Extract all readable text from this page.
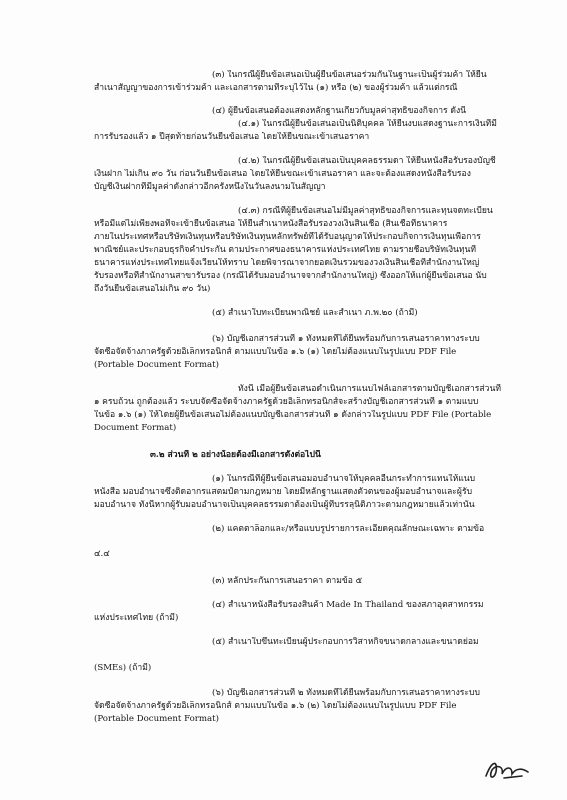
(๓) ในกรณีผู้ยื่นข้อเสนอเป็นผู้ยื่นข้อเสนอร่วมกันในฐานะเป็นผู้ร่วมค้า ให้ยื่น
สำเนาสัญญาของการเข้าร่วมค้า และเอกสารตามที่ระบุไว้ใน (๑) หรือ (๒) ของผู้ร่วมค้า แล้วแต่กรณี
(๔) ผู้ยื่นข้อเสนอต้องแสดงหลักฐานเกี่ยวกับมูลค่าสุทธิของกิจการ ดังนี้
(๔.๑) ในกรณีผู้ยื่นข้อเสนอเป็นนิติบุคคล ให้ยื่นงบแสดงฐานะการเงินที่มี
การรับรองแล้ว ๑ ปีสุดท้ายก่อนวันยื่นข้อเสนอ โดยให้ยื่นขณะเข้าเสนอราคา
(๔.๒) ในกรณีผู้ยื่นข้อเสนอเป็นบุคคลธรรมดา ให้ยื่นหนังสือรับรองบัญชี
เงินฝาก ไม่เกิน ๙๐ วัน ก่อนวันยื่นข้อเสนอ โดยให้ยื่นขณะเข้าเสนอราคา และจะต้องแสดงหนังสือรับรอง
บัญชีเงินฝากที่มีมูลค่าดังกล่าวอีกครั้งหนึ่งในวันลงนามในสัญญา
(๔.๓) กรณีที่ผู้ยื่นข้อเสนอไม่มีมูลค่าสุทธิของกิจการและทุนจดทะเบียน
หรือมีแต่ไม่เพียงพอที่จะเข้ายื่นข้อเสนอ ให้ยื่นสำเนาหนังสือรับรองวงเงินสินเชื่อ (สินเชื่อที่ธนาคาร
ภายในประเทศหรือบริษัทเงินทุนหรือบริษัทเงินทุนหลักทรัพย์ที่ได้รับอนุญาตให้ประกอบกิจการเงินทุนเพื่อการ
พาณิชย์และประกอบธุรกิจค้ำประกัน ตามประกาศของธนาคารแห่งประเทศไทย ตามรายชื่อบริษัทเงินทุนที่
ธนาคารแห่งประเทศไทยแจ้งเวียนให้ทราบ โดยพิจารณาจากยอดเงินรวมของวงเงินสินเชื่อที่สำนักงานใหญ่
รับรองหรือที่สำนักงานสาขารับรอง (กรณีได้รับมอบอำนาจจากสำนักงานใหญ่) ซึ่งออกให้แก่ผู้ยื่นข้อเสนอ นับ
ถึงวันยื่นข้อเสนอไม่เกิน ๙๐ วัน)
(๕) สำเนาใบทะเบียนพาณิชย์ และสำเนา ภ.พ.๒๐ (ถ้ามี)
(๖) บัญชีเอกสารส่วนที่ ๑ ทั้งหมดที่ได้ยื่นพร้อมกับการเสนอราคาทางระบบ
จัดซื้อจัดจ้างภาครัฐด้วยอิเล็กทรอนิกส์ ตามแบบในข้อ ๑.๖ (๑) โดยไม่ต้องแนบในรูปแบบ PDF File
(Portable Document Format)
ทั้งนี้ เมื่อผู้ยื่นข้อเสนอดำเนินการแนบไฟล์เอกสารตามบัญชีเอกสารส่วนที่
๑ ครบถ้วน ถูกต้องแล้ว ระบบจัดซื้อจัดจ้างภาครัฐด้วยอิเล็กทรอนิกส์จะสร้างบัญชีเอกสารส่วนที่ ๑ ตามแบบ
ในข้อ ๑.๖ (๑) ให้โดยผู้ยื่นข้อเสนอไม่ต้องแนบบัญชีเอกสารส่วนที่ ๑ ดังกล่าวในรูปแบบ PDF File (Portable
Document Format)
๓.๒ ส่วนที่ ๒ อย่างน้อยต้องมีเอกสารดังต่อไปนี้
(๑) ในกรณีที่ผู้ยื่นข้อเสนอมอบอำนาจให้บุคคลอื่นกระทำการแทนให้แนบ
หนังสือ มอบอำนาจซึ่งติดอากรแสตมป์ตามกฎหมาย โดยมีหลักฐานแสดงตัวตนของผู้มอบอำนาจและผู้รับ
มอบอำนาจ ทั้งนี้หากผู้รับมอบอำนาจเป็นบุคคลธรรมดาต้องเป็นผู้ที่บรรลุนิติภาวะตามกฎหมายแล้วเท่านั้น
(๒) แคตตาล็อกและ/หรือแบบรูปรายการละเอียดคุณลักษณะเฉพาะ ตามข้อ
๔.๔
(๓) หลักประกันการเสนอราคา ตามข้อ ๕
(๔) สำเนาหนังสือรับรองสินค้า Made In Thailand ของสภาอุตสาหกรรม
แห่งประเทศไทย (ถ้ามี)
(๕) สำเนาใบขึ้นทะเบียนผู้ประกอบการวิสาหกิจขนาดกลางและขนาดย่อม
(SMEs) (ถ้ามี)
(๖) บัญชีเอกสารส่วนที่ ๒ ทั้งหมดที่ได้ยื่นพร้อมกับการเสนอราคาทางระบบ
จัดซื้อจัดจ้างภาครัฐด้วยอิเล็กทรอนิกส์ ตามแบบในข้อ ๑.๖ (๒) โดยไม่ต้องแนบในรูปแบบ PDF File
(Portable Document Format)
